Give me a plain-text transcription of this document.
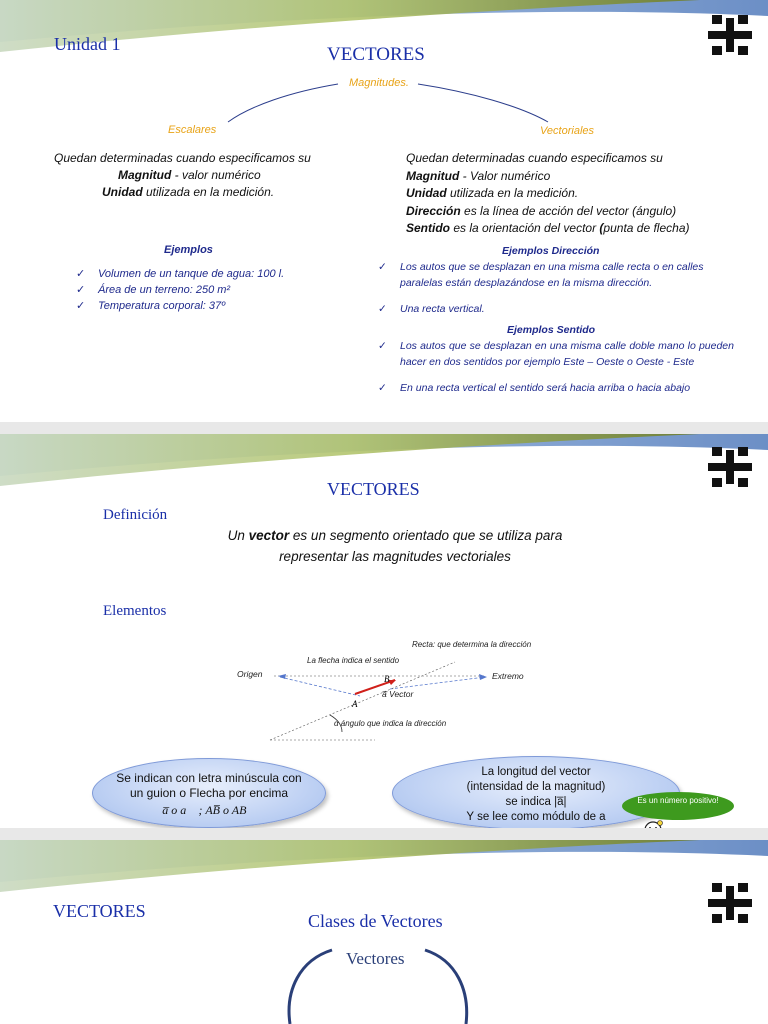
Unidad 1	VECTORES
Magnitudes.
Escalares	Vectoriales
Quedan determinadas cuando especificamos su
Magnitud - valor numérico
Unidad utilizada en la medición.
Ejemplos
✓ Volumen de un tanque de agua: 100 l.
✓ Área de un terreno: 250 m²
✓ Temperatura corporal: 37º
Quedan determinadas cuando especificamos su
Magnitud - Valor numérico
Unidad utilizada en la medición.
Dirección es la línea de acción del vector (ángulo)
Sentido es la orientación del vector (punta de flecha)
Ejemplos Dirección
✓ Los autos que se desplazan en una misma calle recta o en calles paralelas están desplazándose en la misma dirección.
✓ Una recta vertical.
Ejemplos Sentido
✓ Los autos que se desplazan en una misma calle doble mano lo pueden hacer en dos sentidos por ejemplo Este – Oeste o Oeste - Este
✓ En una recta vertical el sentido será hacia arriba o hacia abajo
VECTORES
Definición
Un vector es un segmento orientado que se utiliza para
representar las magnitudes vectoriales
Elementos
Recta: que determina la dirección
La flecha indica el sentido
Origen	Extremo
B
a̅ Vector
A
α ángulo que indica la dirección
Se indican con letra minúscula con
un guion o Flecha por encima
a̅ o a⃗ ; AB̅ o AB⃗
La longitud del vector
(intensidad de la magnitud)
se indica |a̅|
Y se lee como módulo de a
Es un número positivo!
VECTORES	Clases de Vectores
Vectores
